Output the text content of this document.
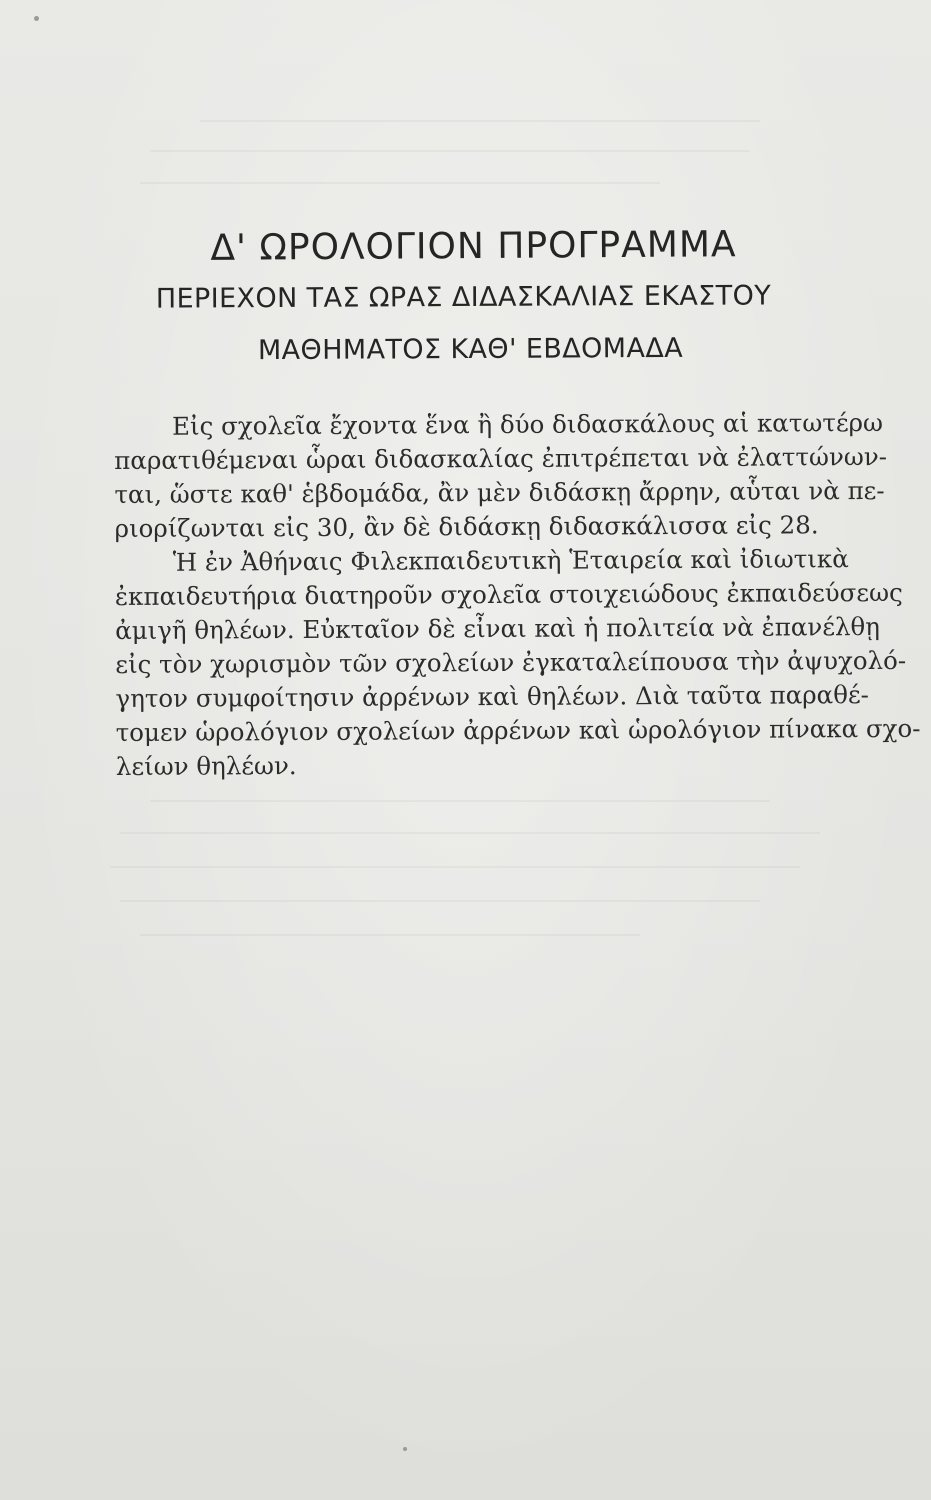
Δ' ΩΡΟΛΟΓΙΟΝ ΠΡΟΓΡΑΜΜΑ
ΠΕΡΙΕΧΟΝ ΤΑΣ ΩΡΑΣ ΔΙΔΑΣΚΑΛΙΑΣ ΕΚΑΣΤΟΥ
ΜΑΘΗΜΑΤΟΣ ΚΑΘ' ΕΒΔΟΜΑΔΑ
Εἰς σχολεῖα ἔχοντα ἕνα ἢ δύο διδασκάλους αἱ κατωτέρω
παρατιθέμεναι ὧραι διδασκαλίας ἐπιτρέπεται νὰ ἐλαττώνων-
ται, ὥστε καθ' ἑβδομάδα, ἂν μὲν διδάσκῃ ἄρρην, αὗται νὰ πε-
ριορίζωνται εἰς 30, ἂν δὲ διδάσκῃ διδασκάλισσα εἰς 28.
Ἡ ἐν Ἀθήναις Φιλεκπαιδευτικὴ Ἑταιρεία καὶ ἰδιωτικὰ
ἐκπαιδευτήρια διατηροῦν σχολεῖα στοιχειώδους ἐκπαιδεύσεως
ἀμιγῆ θηλέων. Εὐκταῖον δὲ εἶναι καὶ ἡ πολιτεία νὰ ἐπανέλθῃ
εἰς τὸν χωρισμὸν τῶν σχολείων ἐγκαταλείπουσα τὴν ἀψυχολό-
γητον συμφοίτησιν ἀρρένων καὶ θηλέων. Διὰ ταῦτα παραθέ-
τομεν ὡρολόγιον σχολείων ἀρρένων καὶ ὡρολόγιον πίνακα σχο-
λείων θηλέων.
